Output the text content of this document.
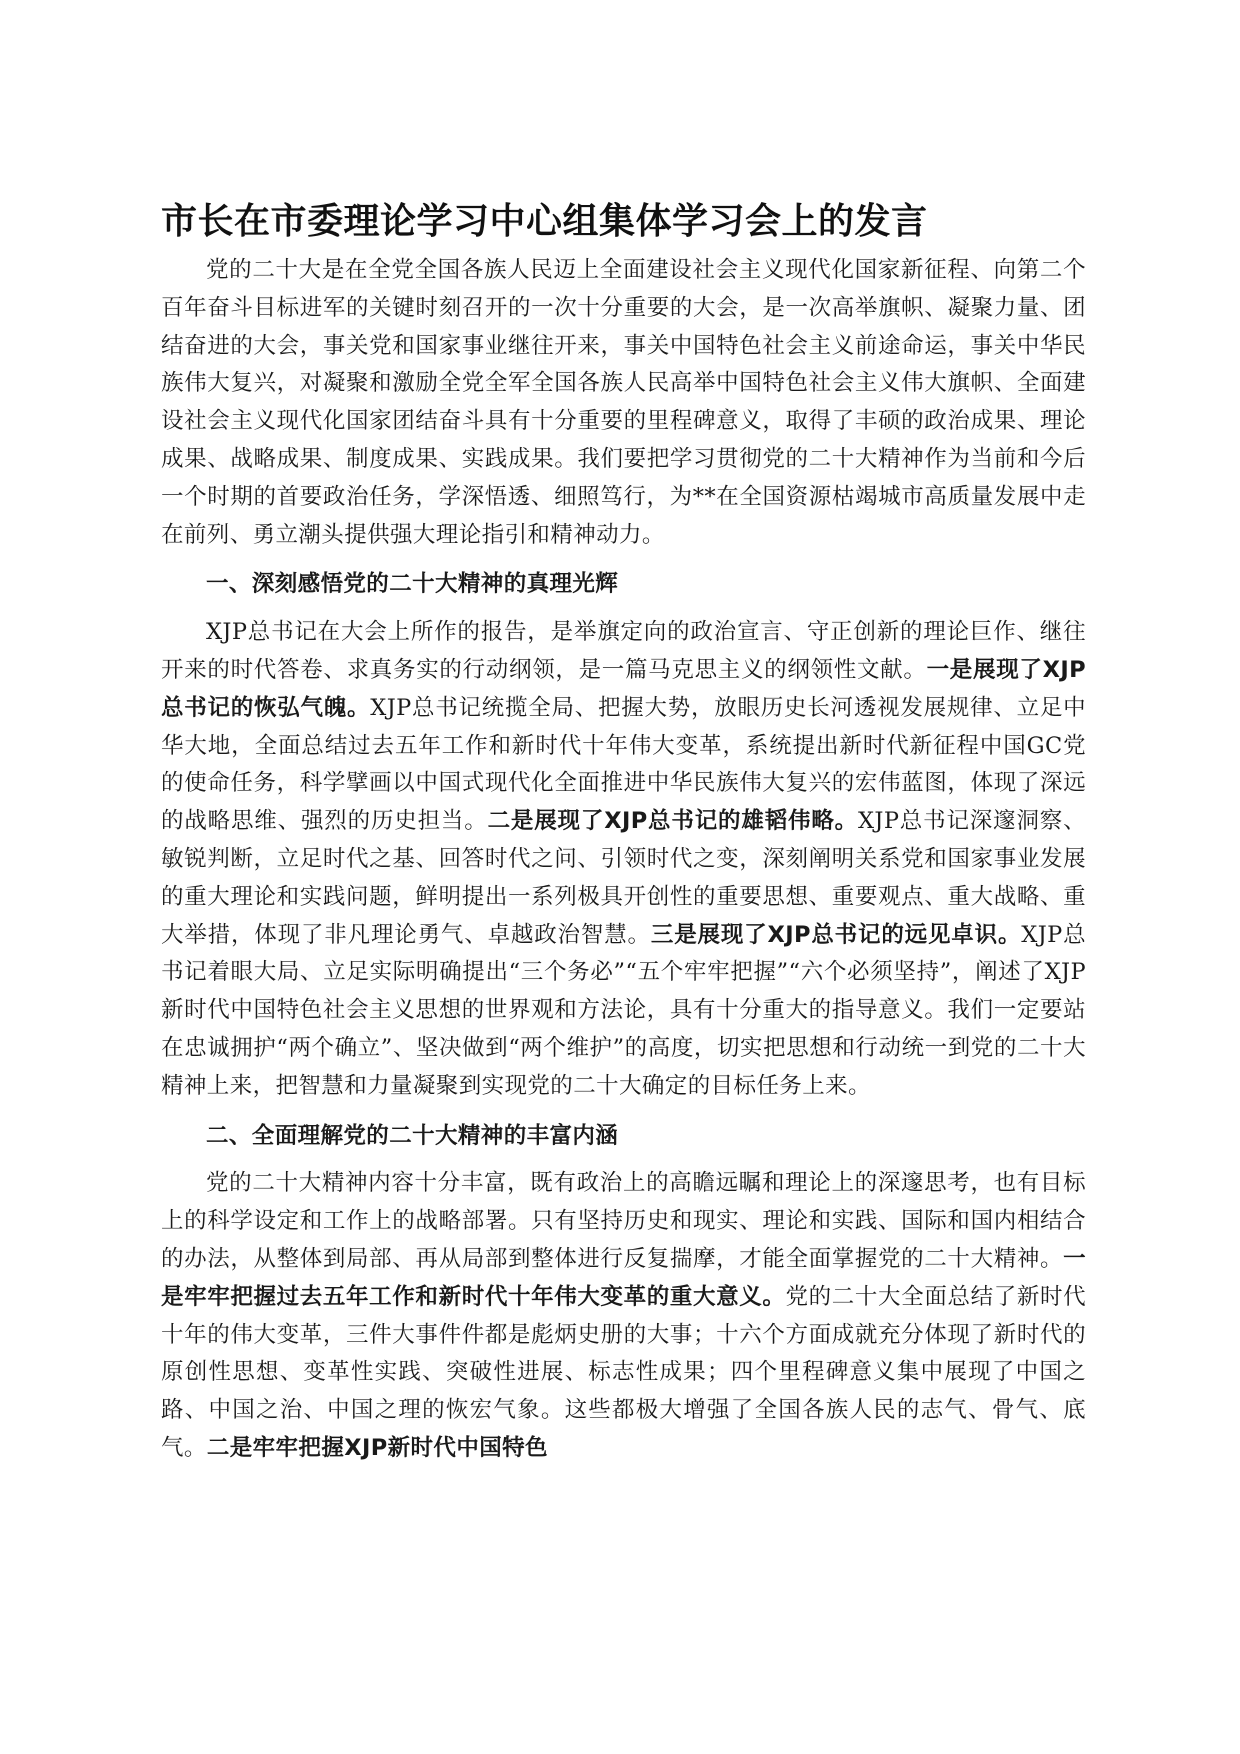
市长在市委理论学习中心组集体学习会上的发言

党的二十大是在全党全国各族人民迈上全面建设社会主义现代化国家新征程、向第二个百年奋斗目标进军的关键时刻召开的一次十分重要的大会，是一次高举旗帜、凝聚力量、团结奋进的大会，事关党和国家事业继往开来，事关中国特色社会主义前途命运，事关中华民族伟大复兴，对凝聚和激励全党全军全国各族人民高举中国特色社会主义伟大旗帜、全面建设社会主义现代化国家团结奋斗具有十分重要的里程碑意义，取得了丰硕的政治成果、理论成果、战略成果、制度成果、实践成果。我们要把学习贯彻党的二十大精神作为当前和今后一个时期的首要政治任务，学深悟透、细照笃行，为**在全国资源枯竭城市高质量发展中走在前列、勇立潮头提供强大理论指引和精神动力。

一、深刻感悟党的二十大精神的真理光辉

XJP总书记在大会上所作的报告，是举旗定向的政治宣言、守正创新的理论巨作、继往开来的时代答卷、求真务实的行动纲领，是一篇马克思主义的纲领性文献。一是展现了XJP总书记的恢弘气魄。XJP总书记统揽全局、把握大势，放眼历史长河透视发展规律、立足中华大地，全面总结过去五年工作和新时代十年伟大变革，系统提出新时代新征程中国GC党的使命任务，科学擘画以中国式现代化全面推进中华民族伟大复兴的宏伟蓝图，体现了深远的战略思维、强烈的历史担当。二是展现了XJP总书记的雄韬伟略。XJP总书记深邃洞察、敏锐判断，立足时代之基、回答时代之问、引领时代之变，深刻阐明关系党和国家事业发展的重大理论和实践问题，鲜明提出一系列极具开创性的重要思想、重要观点、重大战略、重大举措，体现了非凡理论勇气、卓越政治智慧。三是展现了XJP总书记的远见卓识。XJP总书记着眼大局、立足实际明确提出“三个务必”“五个牢牢把握”“六个必须坚持”，阐述了XJP新时代中国特色社会主义思想的世界观和方法论，具有十分重大的指导意义。我们一定要站在忠诚拥护“两个确立”、坚决做到“两个维护”的高度，切实把思想和行动统一到党的二十大精神上来，把智慧和力量凝聚到实现党的二十大确定的目标任务上来。

二、全面理解党的二十大精神的丰富内涵

党的二十大精神内容十分丰富，既有政治上的高瞻远瞩和理论上的深邃思考，也有目标上的科学设定和工作上的战略部署。只有坚持历史和现实、理论和实践、国际和国内相结合的办法，从整体到局部、再从局部到整体进行反复揣摩，才能全面掌握党的二十大精神。一是牢牢把握过去五年工作和新时代十年伟大变革的重大意义。党的二十大全面总结了新时代十年的伟大变革，三件大事件件都是彪炳史册的大事；十六个方面成就充分体现了新时代的原创性思想、变革性实践、突破性进展、标志性成果；四个里程碑意义集中展现了中国之路、中国之治、中国之理的恢宏气象。这些都极大增强了全国各族人民的志气、骨气、底气。二是牢牢把握XJP新时代中国特色
